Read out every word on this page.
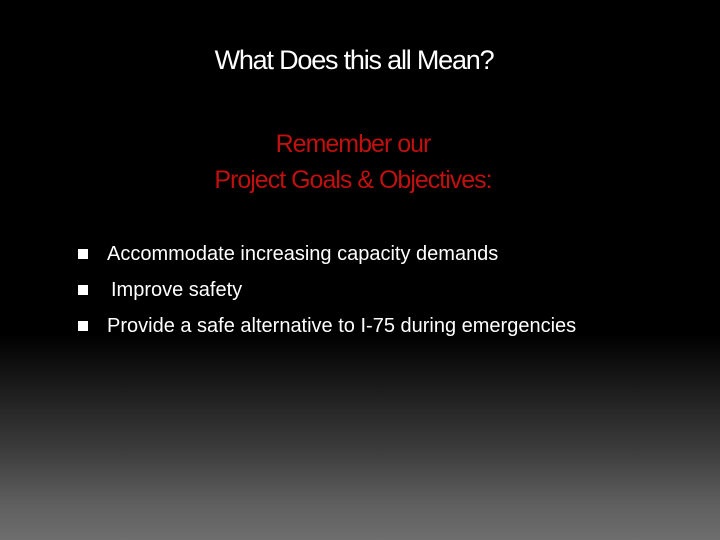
What Does this all Mean?
Remember our
Project Goals & Objectives:
Accommodate increasing capacity demands
Improve safety
Provide a safe alternative to I-75 during emergencies
